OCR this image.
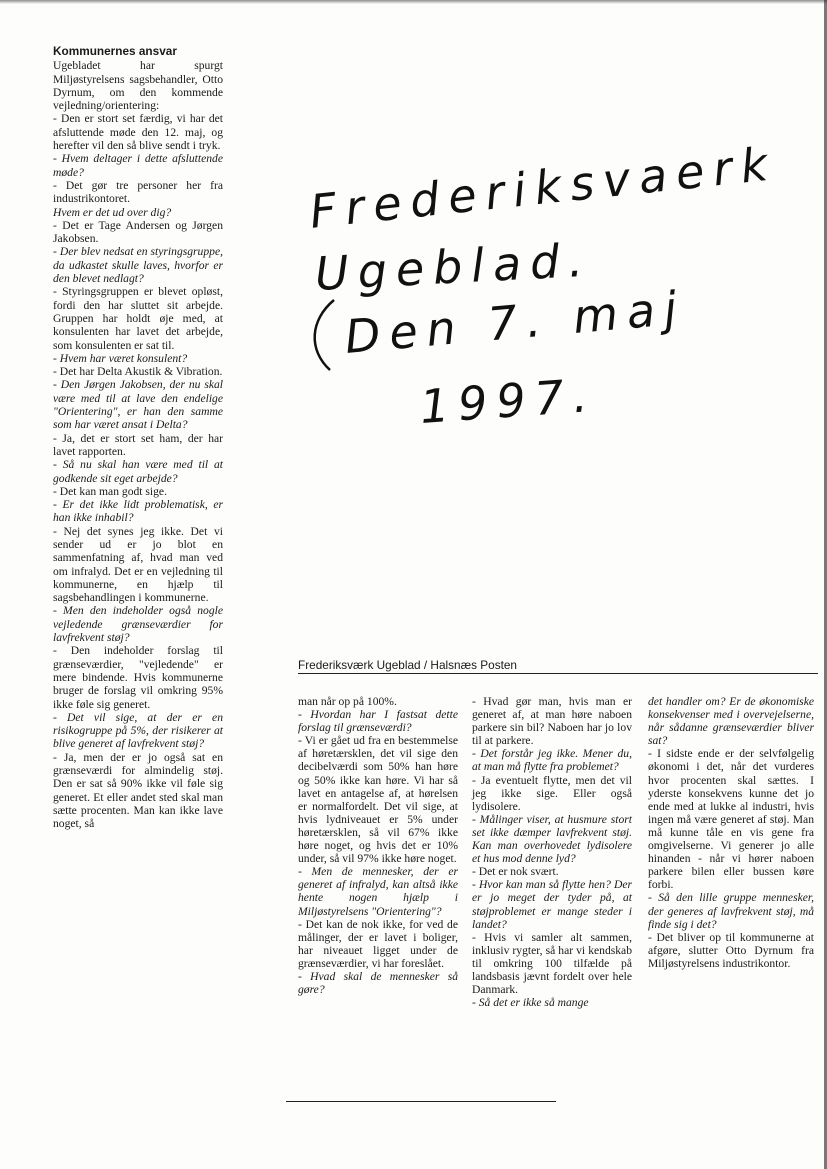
Kommunernes ansvar

Ugebladet har spurgt Miljøstyrelsens sagsbehandler, Otto Dyrnum, om den kommende vejledning/orientering:

- Den er stort set færdig, vi har det afsluttende møde den 12. maj, og herefter vil den så blive sendt i tryk.

- Hvem deltager i dette afsluttende møde?

- Det gør tre personer her fra industrikontoret.

Hvem er det ud over dig?

- Det er Tage Andersen og Jørgen Jakobsen.

- Der blev nedsat en styringsgruppe, da udkastet skulle laves, hvorfor er den blevet nedlagt?

- Styringsgruppen er blevet opløst, fordi den har sluttet sit arbejde. Gruppen har holdt øje med, at konsulenten har lavet det arbejde, som konsulenten er sat til.

- Hvem har været konsulent?

- Det har Delta Akustik & Vibration.

- Den Jørgen Jakobsen, der nu skal være med til at lave den endelige "Orientering", er han den samme som har været ansat i Delta?

- Ja, det er stort set ham, der har lavet rapporten.

- Så nu skal han være med til at godkende sit eget arbejde?

- Det kan man godt sige.

- Er det ikke lidt problematisk, er han ikke inhabil?

- Nej det synes jeg ikke. Det vi sender ud er jo blot en sammenfatning af, hvad man ved om infralyd. Det er en vejledning til kommunerne, en hjælp til sagsbehandlingen i kommunerne.

- Men den indeholder også nogle vejledende grænseværdier for lavfrekvent støj?

- Den indeholder forslag til grænseværdier, "vejledende" er mere bindende. Hvis kommunerne bruger de forslag vil omkring 95% ikke føle sig generet.

- Det vil sige, at der er en risikogruppe på 5%, der risikerer at blive generet af lavfrekvent støj?

- Ja, men der er jo også sat en grænseværdi for almindelig støj. Den er sat så 90% ikke vil føle sig generet. Et eller andet sted skal man sætte procenten. Man kan ikke lave noget, så

Frederiksvaerk
Ugeblad.
Den 7. maj
1997.
Frederiksværk Ugeblad / Halsnæs Posten

man når op på 100%.

- Hvordan har I fastsat dette forslag til grænseværdi?

- Vi er gået ud fra en bestemmelse af høretærsklen, det vil sige den decibelværdi som 50% han høre og 50% ikke kan høre. Vi har så lavet en antagelse af, at hørelsen er normalfordelt. Det vil sige, at hvis lydniveauet er 5% under høretærsklen, så vil 67% ikke høre noget, og hvis det er 10% under, så vil 97% ikke høre noget.

- Men de mennesker, der er generet af infralyd, kan altså ikke hente nogen hjælp i Miljøstyrelsens "Orientering"?

- Det kan de nok ikke, for ved de målinger, der er lavet i boliger, har niveauet ligget under de grænseværdier, vi har foreslået.

- Hvad skal de mennesker så gøre?

- Hvad gør man, hvis man er generet af, at man høre naboen parkere sin bil? Naboen har jo lov til at parkere.

- Det forstår jeg ikke. Mener du, at man må flytte fra problemet?

- Ja eventuelt flytte, men det vil jeg ikke sige. Eller også lydisolere.

- Målinger viser, at husmure stort set ikke dæmper lavfrekvent støj. Kan man overhovedet lydisolere et hus mod denne lyd?

- Det er nok svært.

- Hvor kan man så flytte hen? Der er jo meget der tyder på, at støjproblemet er mange steder i landet?

- Hvis vi samler alt sammen, inklusiv rygter, så har vi kendskab til omkring 100 tilfælde på landsbasis jævnt fordelt over hele Danmark.

- Så det er ikke så mange

det handler om? Er de økonomiske konsekvenser med i overvejelserne, når sådanne grænseværdier bliver sat?

- I sidste ende er der selvfølgelig økonomi i det, når det vurderes hvor procenten skal sættes. I yderste konsekvens kunne det jo ende med at lukke al industri, hvis ingen må være generet af støj. Man må kunne tåle en vis gene fra omgivelserne. Vi generer jo alle hinanden - når vi hører naboen parkere bilen eller bussen køre forbi.

- Så den lille gruppe mennesker, der generes af lavfrekvent støj, må finde sig i det?

- Det bliver op til kommunerne at afgøre, slutter Otto Dyrnum fra Miljøstyrelsens industrikontor.
